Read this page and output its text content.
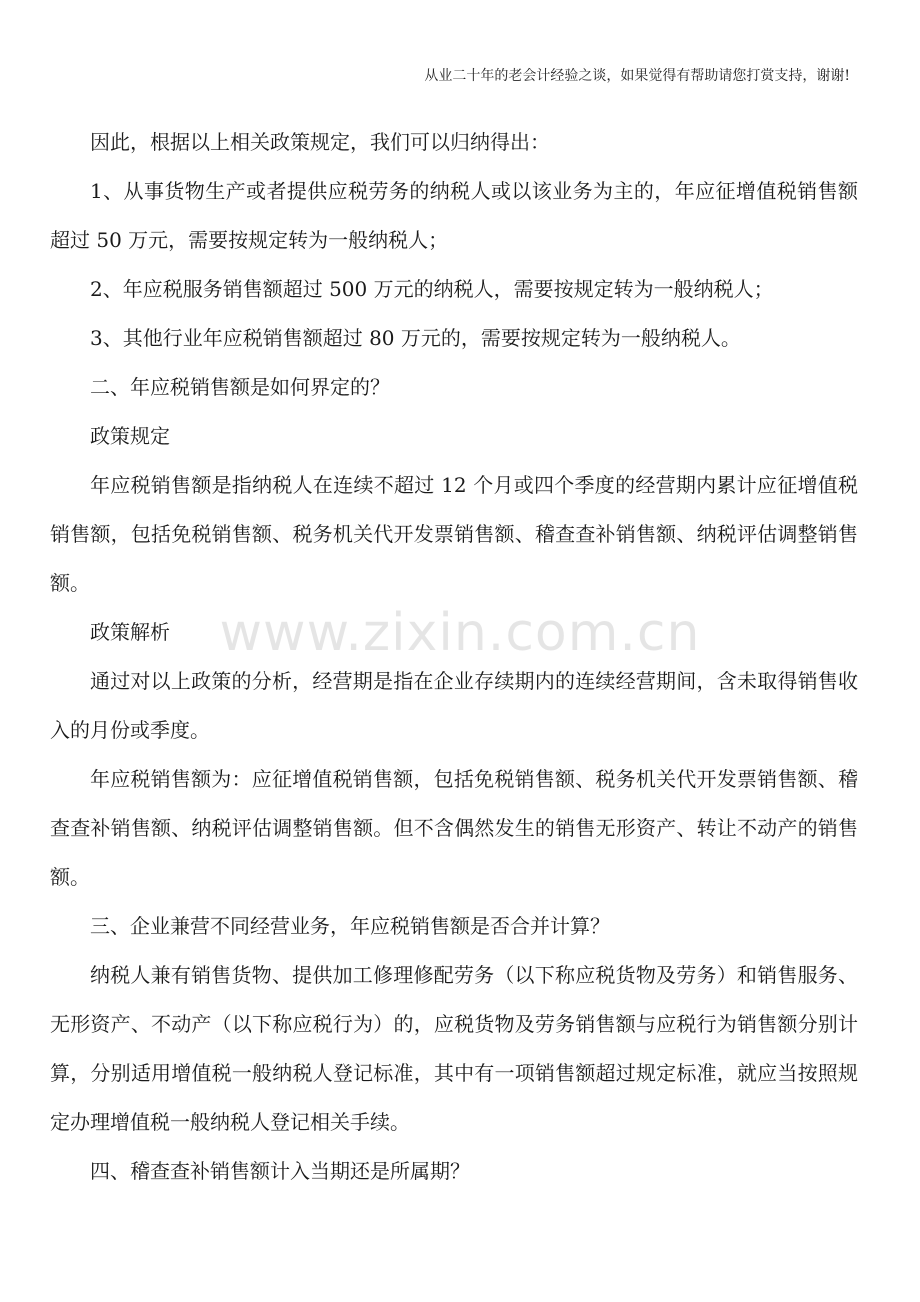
从业二十年的老会计经验之谈，如果觉得有帮助请您打赏支持，谢谢!
www.zixin.com.cn

因此，根据以上相关政策规定，我们可以归纳得出：

1、从事货物生产或者提供应税劳务的纳税人或以该业务为主的，年应征增值税销售额超过 50 万元，需要按规定转为一般纳税人；

2、年应税服务销售额超过 500 万元的纳税人，需要按规定转为一般纳税人；

3、其他行业年应税销售额超过 80 万元的，需要按规定转为一般纳税人。

二、年应税销售额是如何界定的？

政策规定

年应税销售额是指纳税人在连续不超过 12 个月或四个季度的经营期内累计应征增值税销售额，包括免税销售额、税务机关代开发票销售额、稽查查补销售额、纳税评估调整销售额。

政策解析

通过对以上政策的分析，经营期是指在企业存续期内的连续经营期间，含未取得销售收入的月份或季度。

年应税销售额为：应征增值税销售额，包括免税销售额、税务机关代开发票销售额、稽查查补销售额、纳税评估调整销售额。但不含偶然发生的销售无形资产、转让不动产的销售额。

三、企业兼营不同经营业务，年应税销售额是否合并计算？

纳税人兼有销售货物、提供加工修理修配劳务（以下称应税货物及劳务）和销售服务、无形资产、不动产（以下称应税行为）的，应税货物及劳务销售额与应税行为销售额分别计算，分别适用增值税一般纳税人登记标准，其中有一项销售额超过规定标准，就应当按照规定办理增值税一般纳税人登记相关手续。

四、稽查查补销售额计入当期还是所属期？
